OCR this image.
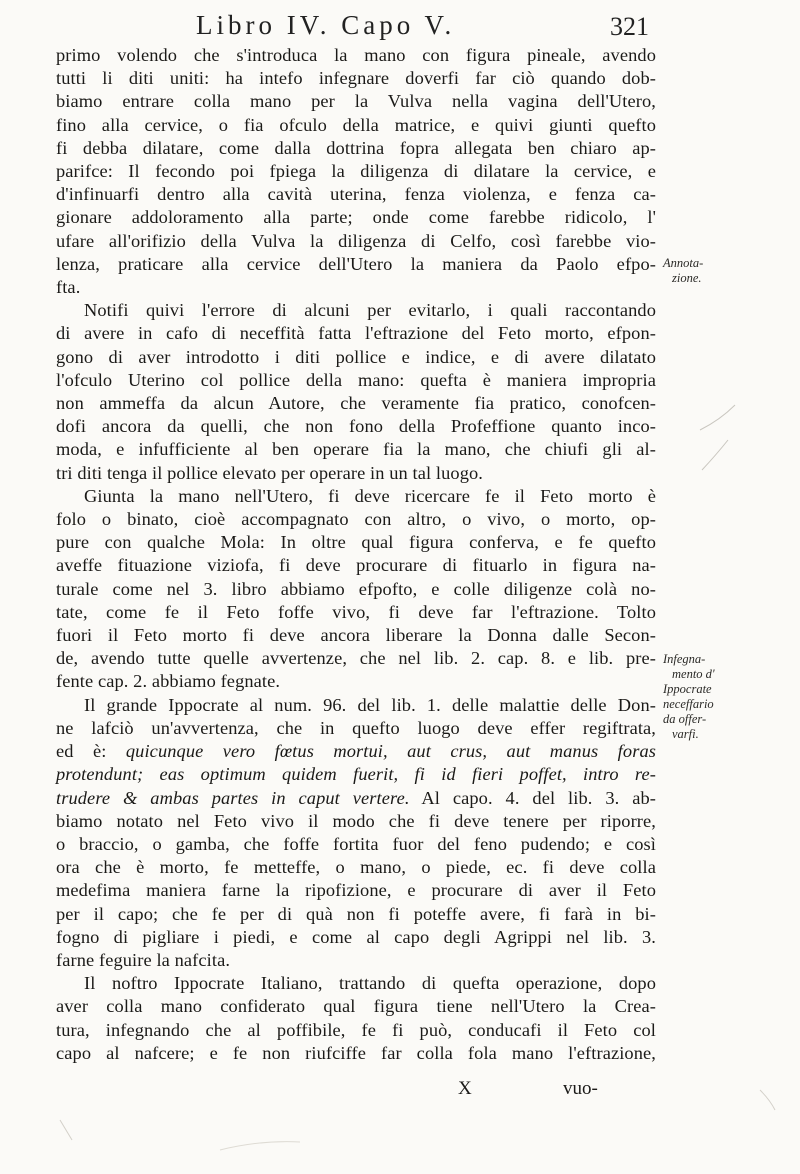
Libro IV. Capo V.	321

primo volendo che s'introduca la mano con figura pineale, avendo

tutti li diti uniti: ha intefo infegnare doverfi far ciò quando dob-

biamo entrare colla mano per la Vulva nella vagina dell'Utero,

fino alla cervice, o fia ofculo della matrice, e quivi giunti quefto

fi debba dilatare, come dalla dottrina fopra allegata ben chiaro ap-

parifce: Il fecondo poi fpiega la diligenza di dilatare la cervice, e

d'infinuarfi dentro alla cavità uterina, fenza violenza, e fenza ca-

gionare addoloramento alla parte; onde come farebbe ridicolo, l'

ufare all'orifizio della Vulva la diligenza di Celfo, così farebbe vio-

lenza, praticare alla cervice dell'Utero la maniera da Paolo efpo-

fta.

Notifi quivi l'errore di alcuni per evitarlo, i quali raccontando

di avere in cafo di neceffità fatta l'eftrazione del Feto morto, efpon-

gono di aver introdotto i diti pollice e indice, e di avere dilatato

l'ofculo Uterino col pollice della mano: quefta è maniera impropria

non ammeffa da alcun Autore, che veramente fia pratico, conofcen-

dofi ancora da quelli, che non fono della Profeffione quanto inco-

moda, e infufficiente al ben operare fia la mano, che chiufi gli al-

tri diti tenga il pollice elevato per operare in un tal luogo.

Giunta la mano nell'Utero, fi deve ricercare fe il Feto morto è

folo o binato, cioè accompagnato con altro, o vivo, o morto, op-

pure con qualche Mola: In oltre qual figura conferva, e fe quefto

aveffe fituazione viziofa, fi deve procurare di fituarlo in figura na-

turale come nel 3. libro abbiamo efpofto, e colle diligenze colà no-

tate, come fe il Feto foffe vivo, fi deve far l'eftrazione. Tolto

fuori il Feto morto fi deve ancora liberare la Donna dalle Secon-

de, avendo tutte quelle avvertenze, che nel lib. 2. cap. 8. e lib. pre-

fente cap. 2. abbiamo fegnate.

Il grande Ippocrate al num. 96. del lib. 1. delle malattie delle Don-

ne lafciò un'avvertenza, che in quefto luogo deve effer regiftrata,

ed è: quicunque vero fœtus mortui, aut crus, aut manus foras

protendunt; eas optimum quidem fuerit, fi id fieri poffet, intro re-

trudere & ambas partes in caput vertere. Al capo. 4. del lib. 3. ab-

biamo notato nel Feto vivo il modo che fi deve tenere per riporre,

o braccio, o gamba, che foffe fortita fuor del feno pudendo; e così

ora che è morto, fe metteffe, o mano, o piede, ec. fi deve colla

medefima maniera farne la ripofizione, e procurare di aver il Feto

per il capo; che fe per di quà non fi poteffe avere, fi farà in bi-

fogno di pigliare i piedi, e come al capo degli Agrippi nel lib. 3.

farne feguire la nafcita.

Il noftro Ippocrate Italiano, trattando di quefta operazione, dopo

aver colla mano confiderato qual figura tiene nell'Utero la Crea-

tura, infegnando che al poffibile, fe fi può, conducafi il Feto col

capo al nafcere; e fe non riufciffe far colla fola mano l'eftrazione,

Annota-
zione.
Infegna-
mento d'
Ippocrate
neceffario
da offer-
varfi.
X	vuo-
